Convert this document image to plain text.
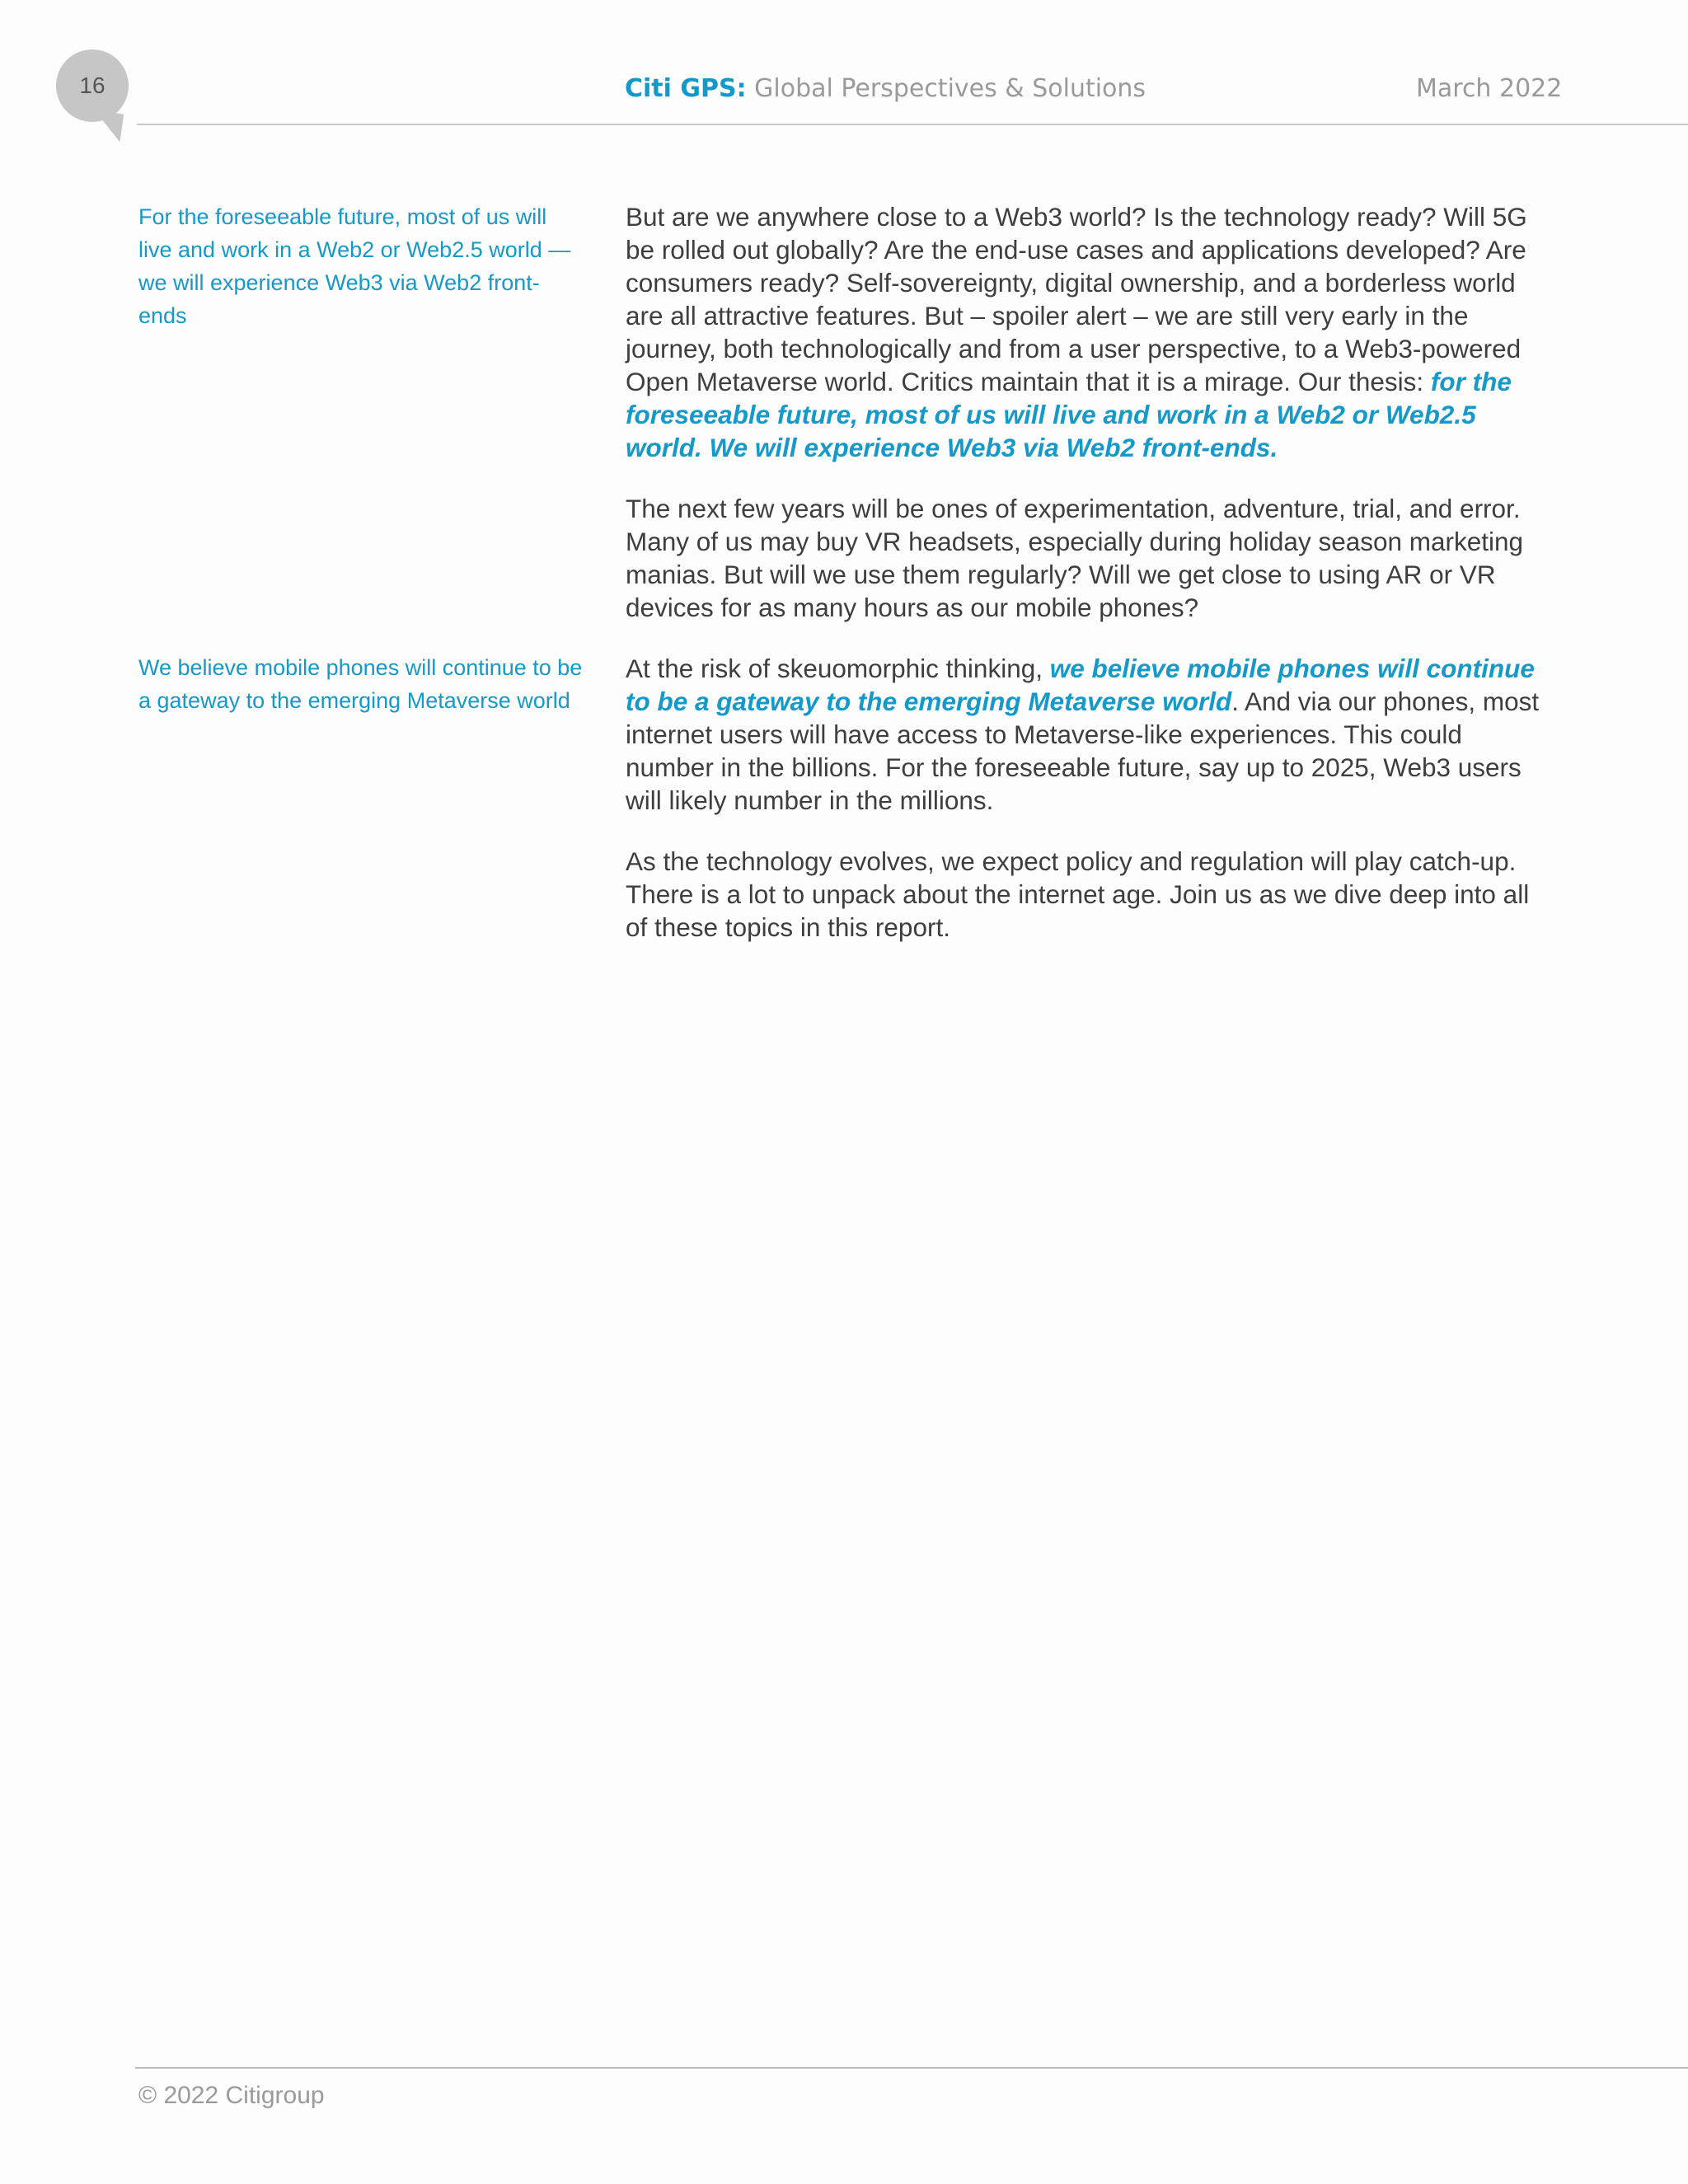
16	Citi GPS: Global Perspectives & Solutions	March 2022
For the foreseeable future, most of us will live and work in a Web2 or Web2.5 world — we will experience Web3 via Web2 front-ends
We believe mobile phones will continue to be a gateway to the emerging Metaverse world

But are we anywhere close to a Web3 world? Is the technology ready? Will 5G be rolled out globally? Are the end-use cases and applications developed? Are consumers ready? Self-sovereignty, digital ownership, and a borderless world are all attractive features. But – spoiler alert – we are still very early in the journey, both technologically and from a user perspective, to a Web3-powered Open Metaverse world. Critics maintain that it is a mirage. Our thesis: for the foreseeable future, most of us will live and work in a Web2 or Web2.5 world. We will experience Web3 via Web2 front-ends.

The next few years will be ones of experimentation, adventure, trial, and error. Many of us may buy VR headsets, especially during holiday season marketing manias. But will we use them regularly? Will we get close to using AR or VR devices for as many hours as our mobile phones?

At the risk of skeuomorphic thinking, we believe mobile phones will continue to be a gateway to the emerging Metaverse world. And via our phones, most internet users will have access to Metaverse-like experiences. This could number in the billions. For the foreseeable future, say up to 2025, Web3 users will likely number in the millions.

As the technology evolves, we expect policy and regulation will play catch-up. There is a lot to unpack about the internet age. Join us as we dive deep into all of these topics in this report.

© 2022 Citigroup
